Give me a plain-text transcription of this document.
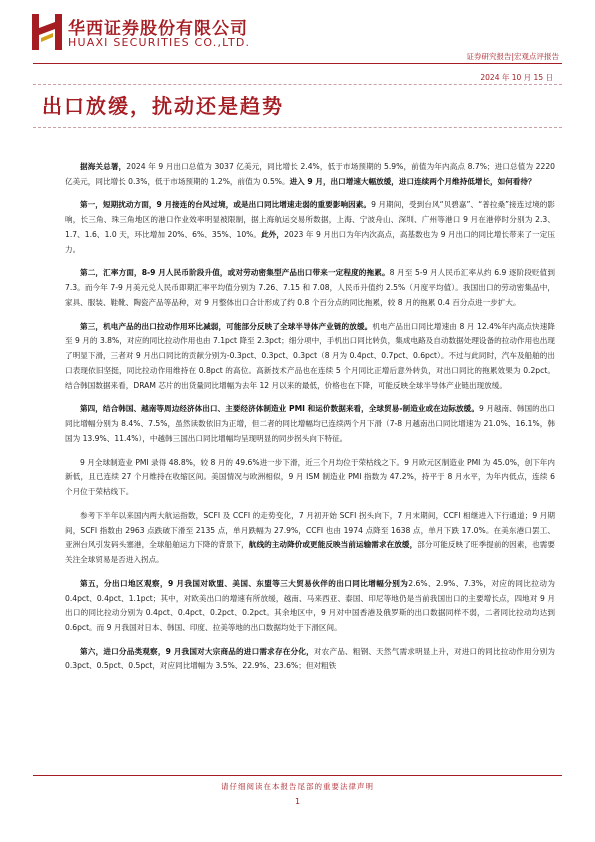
华西证券股份有限公司
HUAXI SECURITIES CO.,LTD.
证券研究报告|宏观点评报告
2024 年 10 月 15 日
出口放缓，扰动还是趋势

据海关总署，2024 年 9 月出口总值为 3037 亿美元，同比增长 2.4%，低于市场预期的 5.9%，前值为年内高点 8.7%；进口总值为 2220 亿美元，同比增长 0.3%，低于市场预期的 1.2%，前值为 0.5%。进入 9 月，出口增速大幅放缓，进口连续两个月维持低增长，如何看待？

第一，短期扰动方面，9 月接连的台风过境，或是出口同比增速走弱的重要影响因素。9 月期间，受到台风“贝碧嘉”、“普拉桑”接连过境的影响，长三角、珠三角地区的港口作业效率明显被限制，据上海航运交易所数据，上海、宁波舟山、深圳、广州等港口 9 月在港停时分别为 2.3、1.7、1.6、1.0 天，环比增加 20%、6%、35%、10%。此外，2023 年 9 月出口为年内次高点，高基数也为 9 月出口的同比增长带来了一定压力。

第二，汇率方面，8-9 月人民币阶段升值，或对劳动密集型产品出口带来一定程度的拖累。8 月至 5-9 月人民币汇率从约 6.9 逐阶段贬值到 7.3。而今年 7-9 月美元兑人民币即期汇率平均值分别为 7.26、7.15 和 7.08，人民币升值约 2.5%（月度平均值）。我国出口的劳动密集品中，家具、服装、鞋靴、陶瓷产品等品种，对 9 月整体出口合计形成了约 0.8 个百分点的同比拖累，较 8 月的拖累 0.4 百分点进一步扩大。

第三，机电产品的出口拉动作用环比减弱，可能部分反映了全球半导体产业链的放缓。机电产品出口同比增速由 8 月 12.4%年内高点快速降至 9 月的 3.8%，对应的同比拉动作用也由 7.1pct 降至 2.3pct；细分项中，手机出口同比转负，集成电路及自动数据处理设备的拉动作用也出现了明显下滑，三者对 9 月出口同比的贡献分别为-0.3pct、0.3pct、0.3pct（8 月为 0.4pct、0.7pct、0.6pct）。不过与此同时，汽车及船舶的出口表现依旧坚挺，同比拉动作用维持在 0.8pct 的高位。高新技术产品也在连续 5 个月同比正增后意外转负，对出口同比的拖累效果为 0.2pct。结合韩国数据来看，DRAM 芯片的出货量同比增幅为去年 12 月以来的最低，价格也在下降，可能反映全球半导体产业链出现放缓。

第四，结合韩国、越南等周边经济体出口、主要经济体制造业 PMI 和运价数据来看，全球贸易-制造业或在边际放缓。9 月越南、韩国的出口同比增幅分别为 8.4%、7.5%，虽然读数依旧为正增，但二者的同比增幅均已连续两个月下滑（7-8 月越南出口同比增速为 21.0%、16.1%，韩国为 13.9%、11.4%），中越韩三国出口同比增幅均呈现明显的同步拐头向下特征。

9 月全球制造业 PMI 录得 48.8%，较 8 月的 49.6%进一步下滑，近三个月均位于荣枯线之下。9 月欧元区制造业 PMI 为 45.0%，创下年内新低，且已连续 27 个月维持在收缩区间。美国情况与欧洲相似，9 月 ISM 制造业 PMI 指数为 47.2%，持平于 8 月水平，为年内低点，连续 6 个月位于荣枯线下。

参考下半年以来国内两大航运指数，SCFI 及 CCFI 的走势变化，7 月初开始 SCFI 拐头向下，7 月末期间，CCFI 相继进入下行通道；9 月期间，SCFI 指数由 2963 点跌破下滑至 2135 点，单月跌幅为 27.9%，CCFI 也由 1974 点降至 1638 点，单月下跌 17.0%。在美东港口罢工、亚洲台风引发码头塞港，全球船舶运力下降的背景下，航线的主动降价或更能反映当前运输需求在放缓，部分可能反映了旺季提前的因素，也需要关注全球贸易是否进入拐点。

第五，分出口地区观察，9 月我国对欧盟、美国、东盟等三大贸易伙伴的出口同比增幅分别为2.6%、2.9%、7.3%，对应的同比拉动为 0.4pct、0.4pct、1.1pct；其中，对欧美出口的增速有所放缓，越南、马来西亚、泰国、印尼等地仍是当前我国出口的主要增长点，四地对 9 月出口的同比拉动分别为 0.4pct、0.4pct、0.2pct、0.2pct。其余地区中，9 月对中国香港及俄罗斯的出口数据同样不弱，二者同比拉动均达到 0.6pct。而 9 月我国对日本、韩国、印度、拉美等地的出口数据均处于下滑区间。

第六，进口分品类观察，9 月我国对大宗商品的进口需求存在分化，对农产品、粗钢、天然气需求明显上升，对进口的同比拉动作用分别为 0.3pct、0.5pct、0.5pct，对应同比增幅为 3.5%、22.9%、23.6%；但对粗铁

请仔细阅读在本报告尾部的重要法律声明
1
